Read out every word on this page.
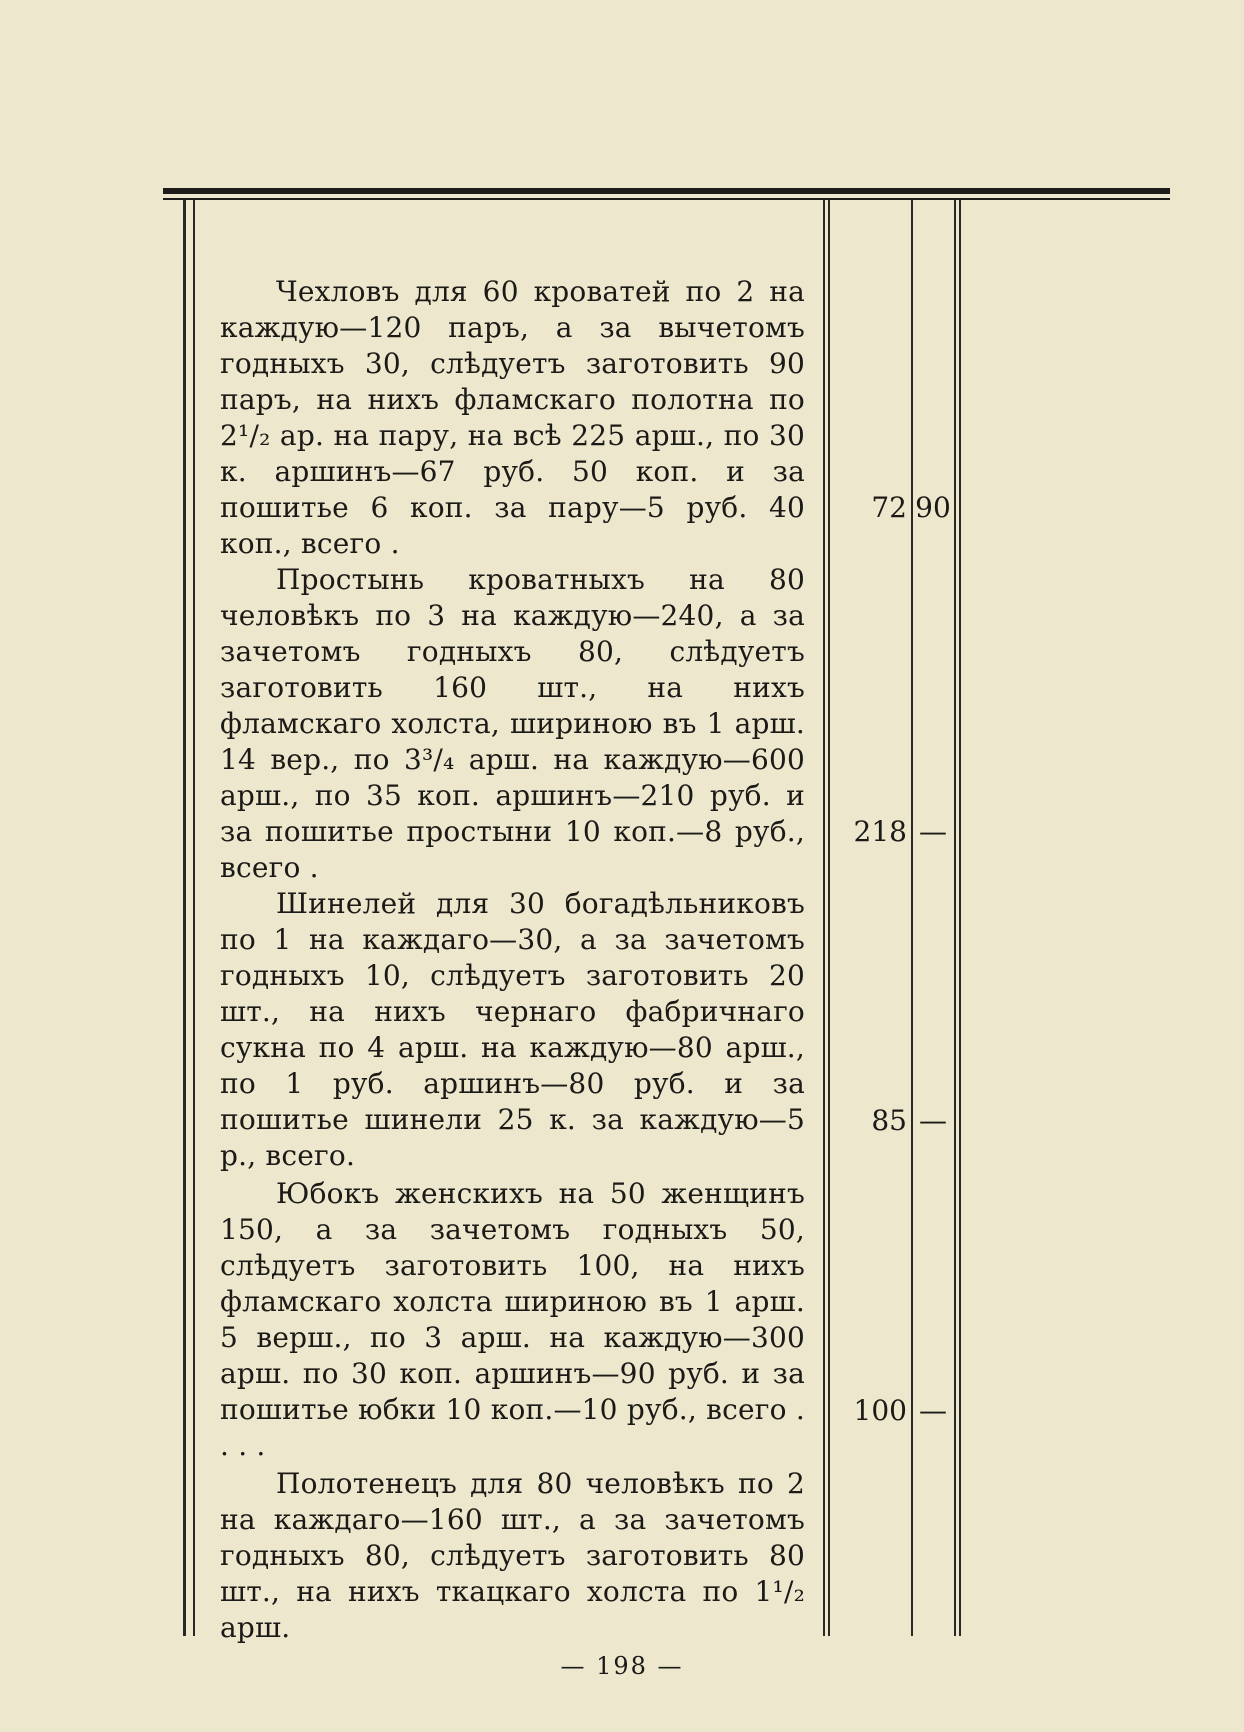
Чехловъ для 60 кроватей по 2 на каждую—120 паръ, а за вычетомъ годныхъ 30, слѣдуетъ заготовить 90 паръ, на нихъ фламскаго полотна по 2¹/₂ ар. на пару, на всѣ 225 арш., по 30 к. аршинъ—67 руб. 50 коп. и за пошитье 6 коп. за пару—5 руб. 40 коп., всего .

72 90

Простынь кроватныхъ на 80 человѣкъ по 3 на каждую—240, а за зачетомъ годныхъ 80, слѣдуетъ заготовить 160 шт., на нихъ фламскаго холста, шириною въ 1 арш. 14 вер., по 3³/₄ арш. на каждую—600 арш., по 35 коп. аршинъ—210 руб. и за пошитье простыни 10 коп.—8 руб., всего .

218 —

Шинелей для 30 богадѣльниковъ по 1 на каждаго—30, а за зачетомъ годныхъ 10, слѣдуетъ заготовить 20 шт., на нихъ чернаго фабричнаго сукна по 4 арш. на каждую—80 арш., по 1 руб. аршинъ—80 руб. и за пошитье шинели 25 к. за каждую—5 р., всего.

85 —

Юбокъ женскихъ на 50 женщинъ 150, а за зачетомъ годныхъ 50, слѣдуетъ заготовить 100, на нихъ фламскаго холста шириною въ 1 арш. 5 верш., по 3 арш. на каждую—300 арш. по 30 коп. аршинъ—90 руб. и за пошитье юбки 10 коп.—10 руб., всего . . . .

100 —

Полотенецъ для 80 человѣкъ по 2 на каждаго—160 шт., а за зачетомъ годныхъ 80, слѣдуетъ заготовить 80 шт., на нихъ ткацкаго холста по 1¹/₂ арш.

— 198 —
